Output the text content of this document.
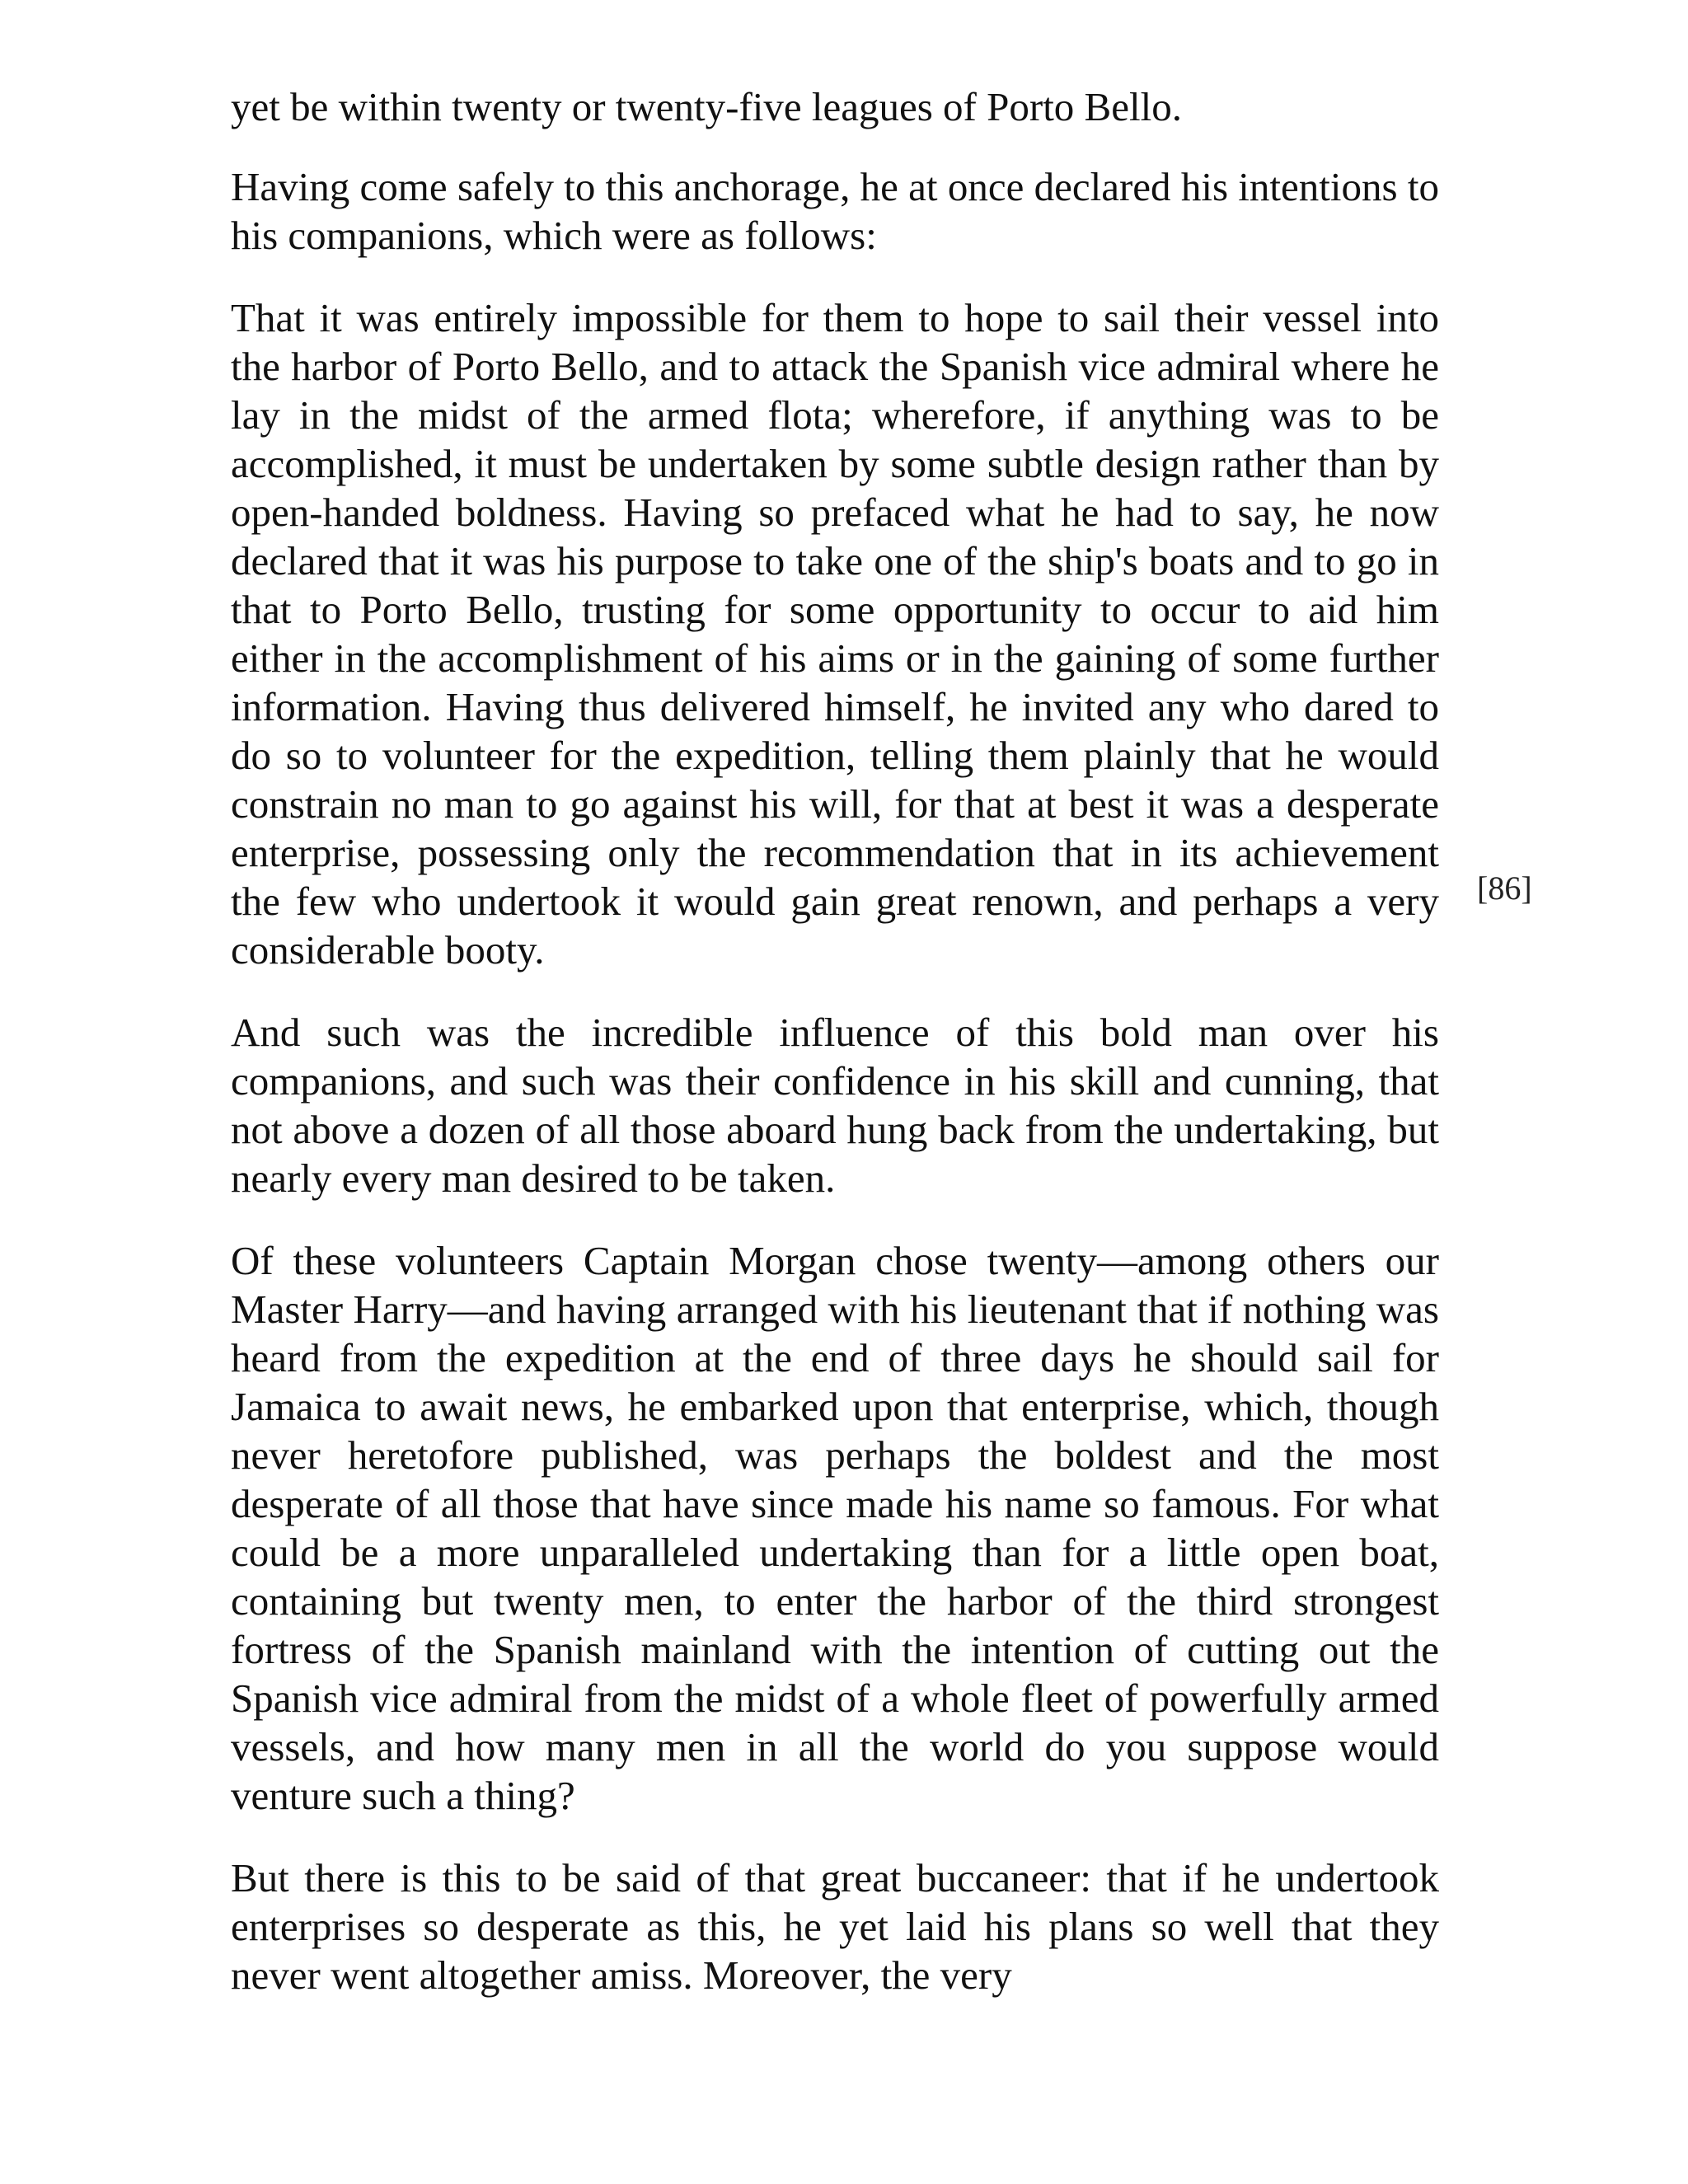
yet be within twenty or twenty-five leagues of Porto Bello.

Having come safely to this anchorage, he at once declared his intentions to his companions, which were as follows:

That it was entirely impossible for them to hope to sail their vessel into the harbor of Porto Bello, and to attack the Spanish vice admiral where he lay in the midst of the armed flota; wherefore, if anything was to be accomplished, it must be undertaken by some subtle design rather than by open-handed boldness. Having so prefaced what he had to say, he now declared that it was his purpose to take one of the ship's boats and to go in that to Porto Bello, trusting for some opportunity to occur to aid him either in the accomplishment of his aims or in the gaining of some further information. Having thus delivered himself, he invited any who dared to do so to volunteer for the expedition, telling them plainly that he would constrain no man to go against his will, for that at best it was a desperate enterprise, possessing only the recommendation that in its achievement the few who undertook it would gain great renown, and perhaps a very considerable booty.

And such was the incredible influence of this bold man over his companions, and such was their confidence in his skill and cunning, that not above a dozen of all those aboard hung back from the undertaking, but nearly every man desired to be taken.

Of these volunteers Captain Morgan chose twenty—among others our Master Harry—and having arranged with his lieutenant that if nothing was heard from the expedition at the end of three days he should sail for Jamaica to await news, he embarked upon that enterprise, which, though never heretofore published, was perhaps the boldest and the most desperate of all those that have since made his name so famous. For what could be a more unparalleled undertaking than for a little open boat, containing but twenty men, to enter the harbor of the third strongest fortress of the Spanish mainland with the intention of cutting out the Spanish vice admiral from the midst of a whole fleet of powerfully armed vessels, and how many men in all the world do you suppose would venture such a thing?

But there is this to be said of that great buccaneer: that if he undertook enterprises so desperate as this, he yet laid his plans so well that they never went altogether amiss. Moreover, the very

[86]
